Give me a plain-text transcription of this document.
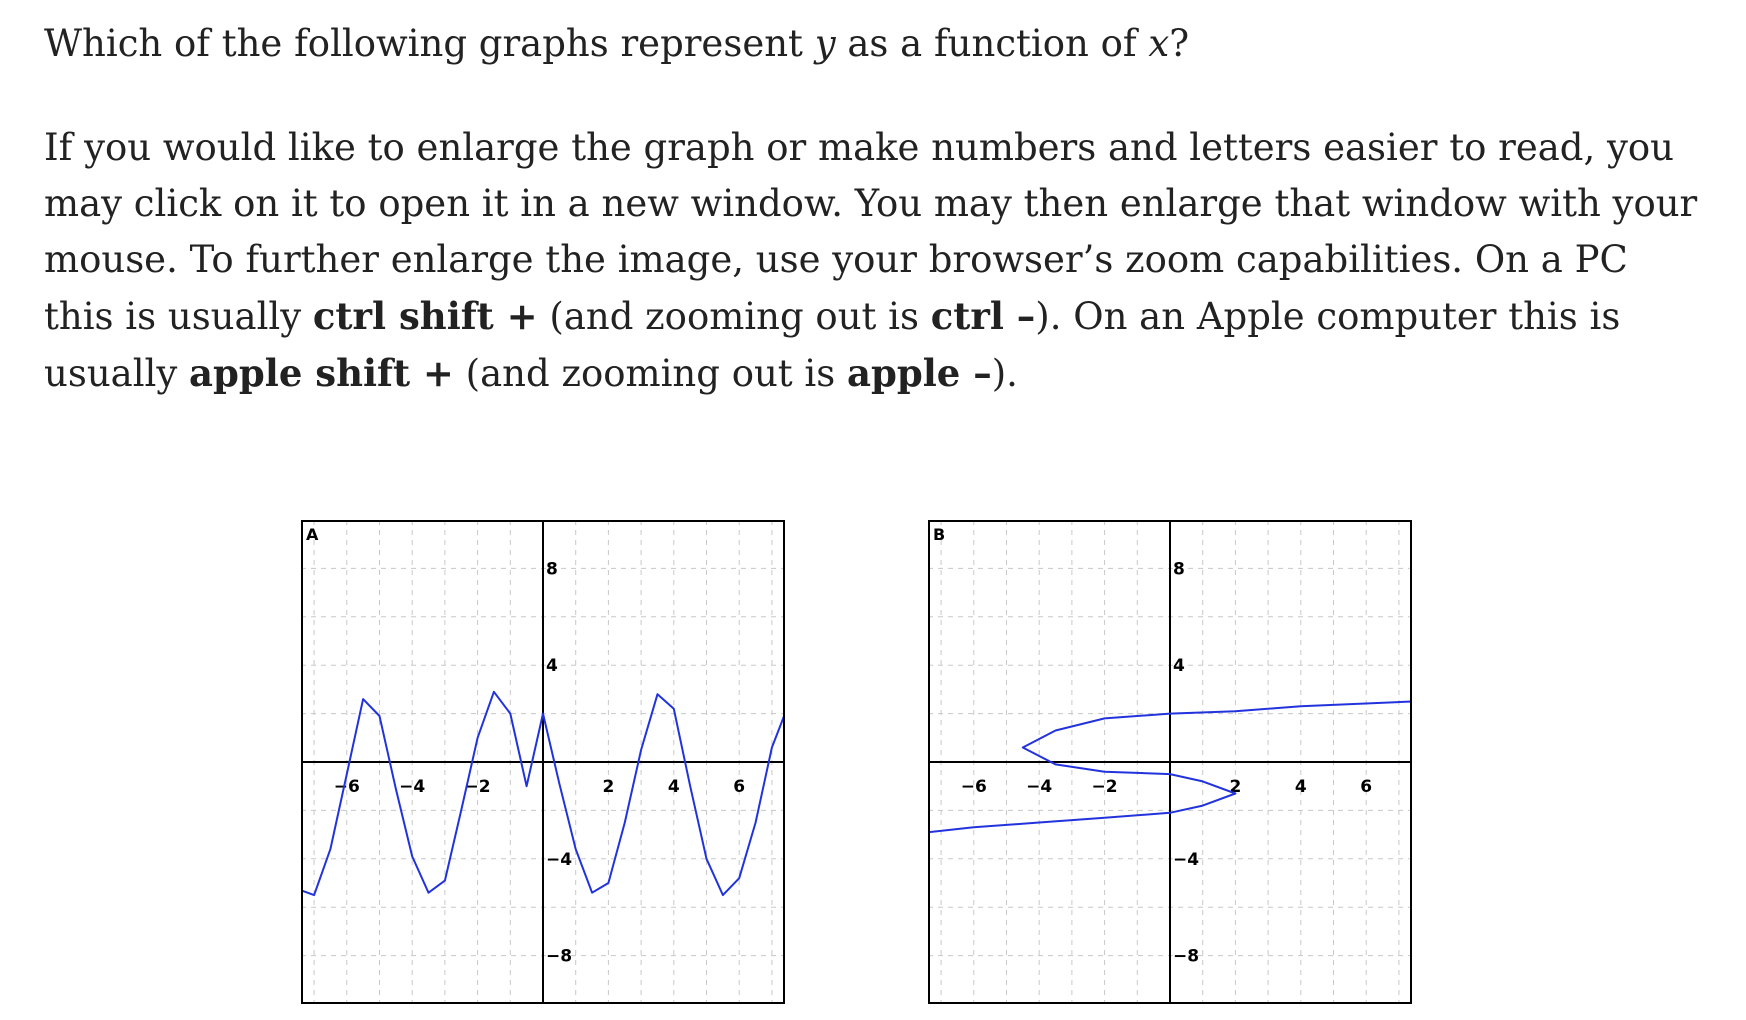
Which of the following graphs represent y as a function of x?

If you would like to enlarge the graph or make numbers and letters easier to read, you may click on it to open it in a new window. You may then enlarge that window with your mouse. To further enlarge the image, use your browser’s zoom capabilities. On a PC this is usually ctrl shift + (and zooming out is ctrl –). On an Apple computer this is usually apple shift + (and zooming out is apple –).

−6 −4 −2	2	4	6
8
4
−4
−8
A
−6 −4 −2	2	4	6
8
4
−4
−8
B
